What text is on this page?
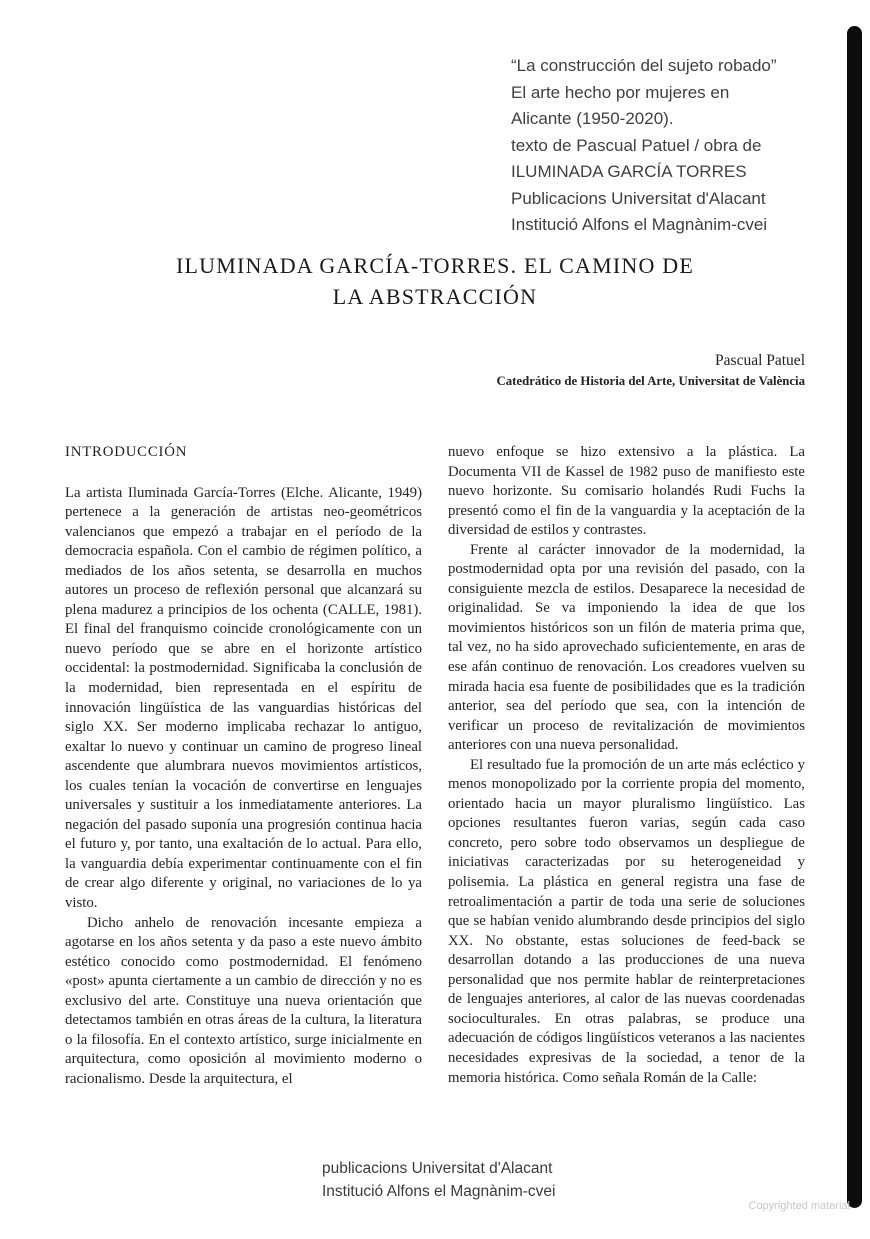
“La construcción del sujeto robado”
El arte hecho por mujeres en
Alicante (1950-2020).
texto de Pascual Patuel / obra de
ILUMINADA GARCÍA TORRES
Publicacions Universitat d'Alacant
Institució Alfons el Magnànim-cvei
ILUMINADA GARCÍA-TORRES. EL CAMINO DE
LA ABSTRACCIÓN
Pascual Patuel
Catedrático de Historia del Arte, Universitat de València
INTRODUCCIÓN

La artista Iluminada García-Torres (Elche. Alicante, 1949) pertenece a la generación de artistas neo-geométricos valencianos que empezó a trabajar en el período de la democracia española. Con el cambio de régimen político, a mediados de los años setenta, se desarrolla en muchos autores un proceso de reflexión personal que alcanzará su plena madurez a principios de los ochenta (CALLE, 1981). El final del franquismo coincide cronológicamente con un nuevo período que se abre en el horizonte artístico occidental: la postmodernidad. Significaba la conclusión de la modernidad, bien representada en el espíritu de innovación lingüística de las vanguardias históricas del siglo XX. Ser moderno implicaba rechazar lo antiguo, exaltar lo nuevo y continuar un camino de progreso lineal ascendente que alumbrara nuevos movimientos artísticos, los cuales tenían la vocación de convertirse en lenguajes universales y sustituir a los inmediatamente anteriores. La negación del pasado suponía una progresión continua hacia el futuro y, por tanto, una exaltación de lo actual. Para ello, la vanguardia debía experimentar continuamente con el fin de crear algo diferente y original, no variaciones de lo ya visto.

Dicho anhelo de renovación incesante empieza a agotarse en los años setenta y da paso a este nuevo ámbito estético conocido como postmodernidad. El fenómeno «post» apunta ciertamente a un cambio de dirección y no es exclusivo del arte. Constituye una nueva orientación que detectamos también en otras áreas de la cultura, la literatura o la filosofía. En el contexto artístico, surge inicialmente en arquitectura, como oposición al movimiento moderno o racionalismo. Desde la arquitectura, el

nuevo enfoque se hizo extensivo a la plástica. La Documenta VII de Kassel de 1982 puso de manifiesto este nuevo horizonte. Su comisario holandés Rudi Fuchs la presentó como el fin de la vanguardia y la aceptación de la diversidad de estilos y contrastes.

Frente al carácter innovador de la modernidad, la postmodernidad opta por una revisión del pasado, con la consiguiente mezcla de estilos. Desaparece la necesidad de originalidad. Se va imponiendo la idea de que los movimientos históricos son un filón de materia prima que, tal vez, no ha sido aprovechado suficientemente, en aras de ese afán continuo de renovación. Los creadores vuelven su mirada hacia esa fuente de posibilidades que es la tradición anterior, sea del período que sea, con la intención de verificar un proceso de revitalización de movimientos anteriores con una nueva personalidad.

El resultado fue la promoción de un arte más ecléctico y menos monopolizado por la corriente propia del momento, orientado hacia un mayor pluralismo lingüístico. Las opciones resultantes fueron varias, según cada caso concreto, pero sobre todo observamos un despliegue de iniciativas caracterizadas por su heterogeneidad y polisemia. La plástica en general registra una fase de retroalimentación a partir de toda una serie de soluciones que se habían venido alumbrando desde principios del siglo XX. No obstante, estas soluciones de feed-back se desarrollan dotando a las producciones de una nueva personalidad que nos permite hablar de reinterpretaciones de lenguajes anteriores, al calor de las nuevas coordenadas socioculturales. En otras palabras, se produce una adecuación de códigos lingüísticos veteranos a las nacientes necesidades expresivas de la sociedad, a tenor de la memoria histórica. Como señala Román de la Calle:

publicacions Universitat d'Alacant
Institució Alfons el Magnànim-cvei
Copyrighted material
